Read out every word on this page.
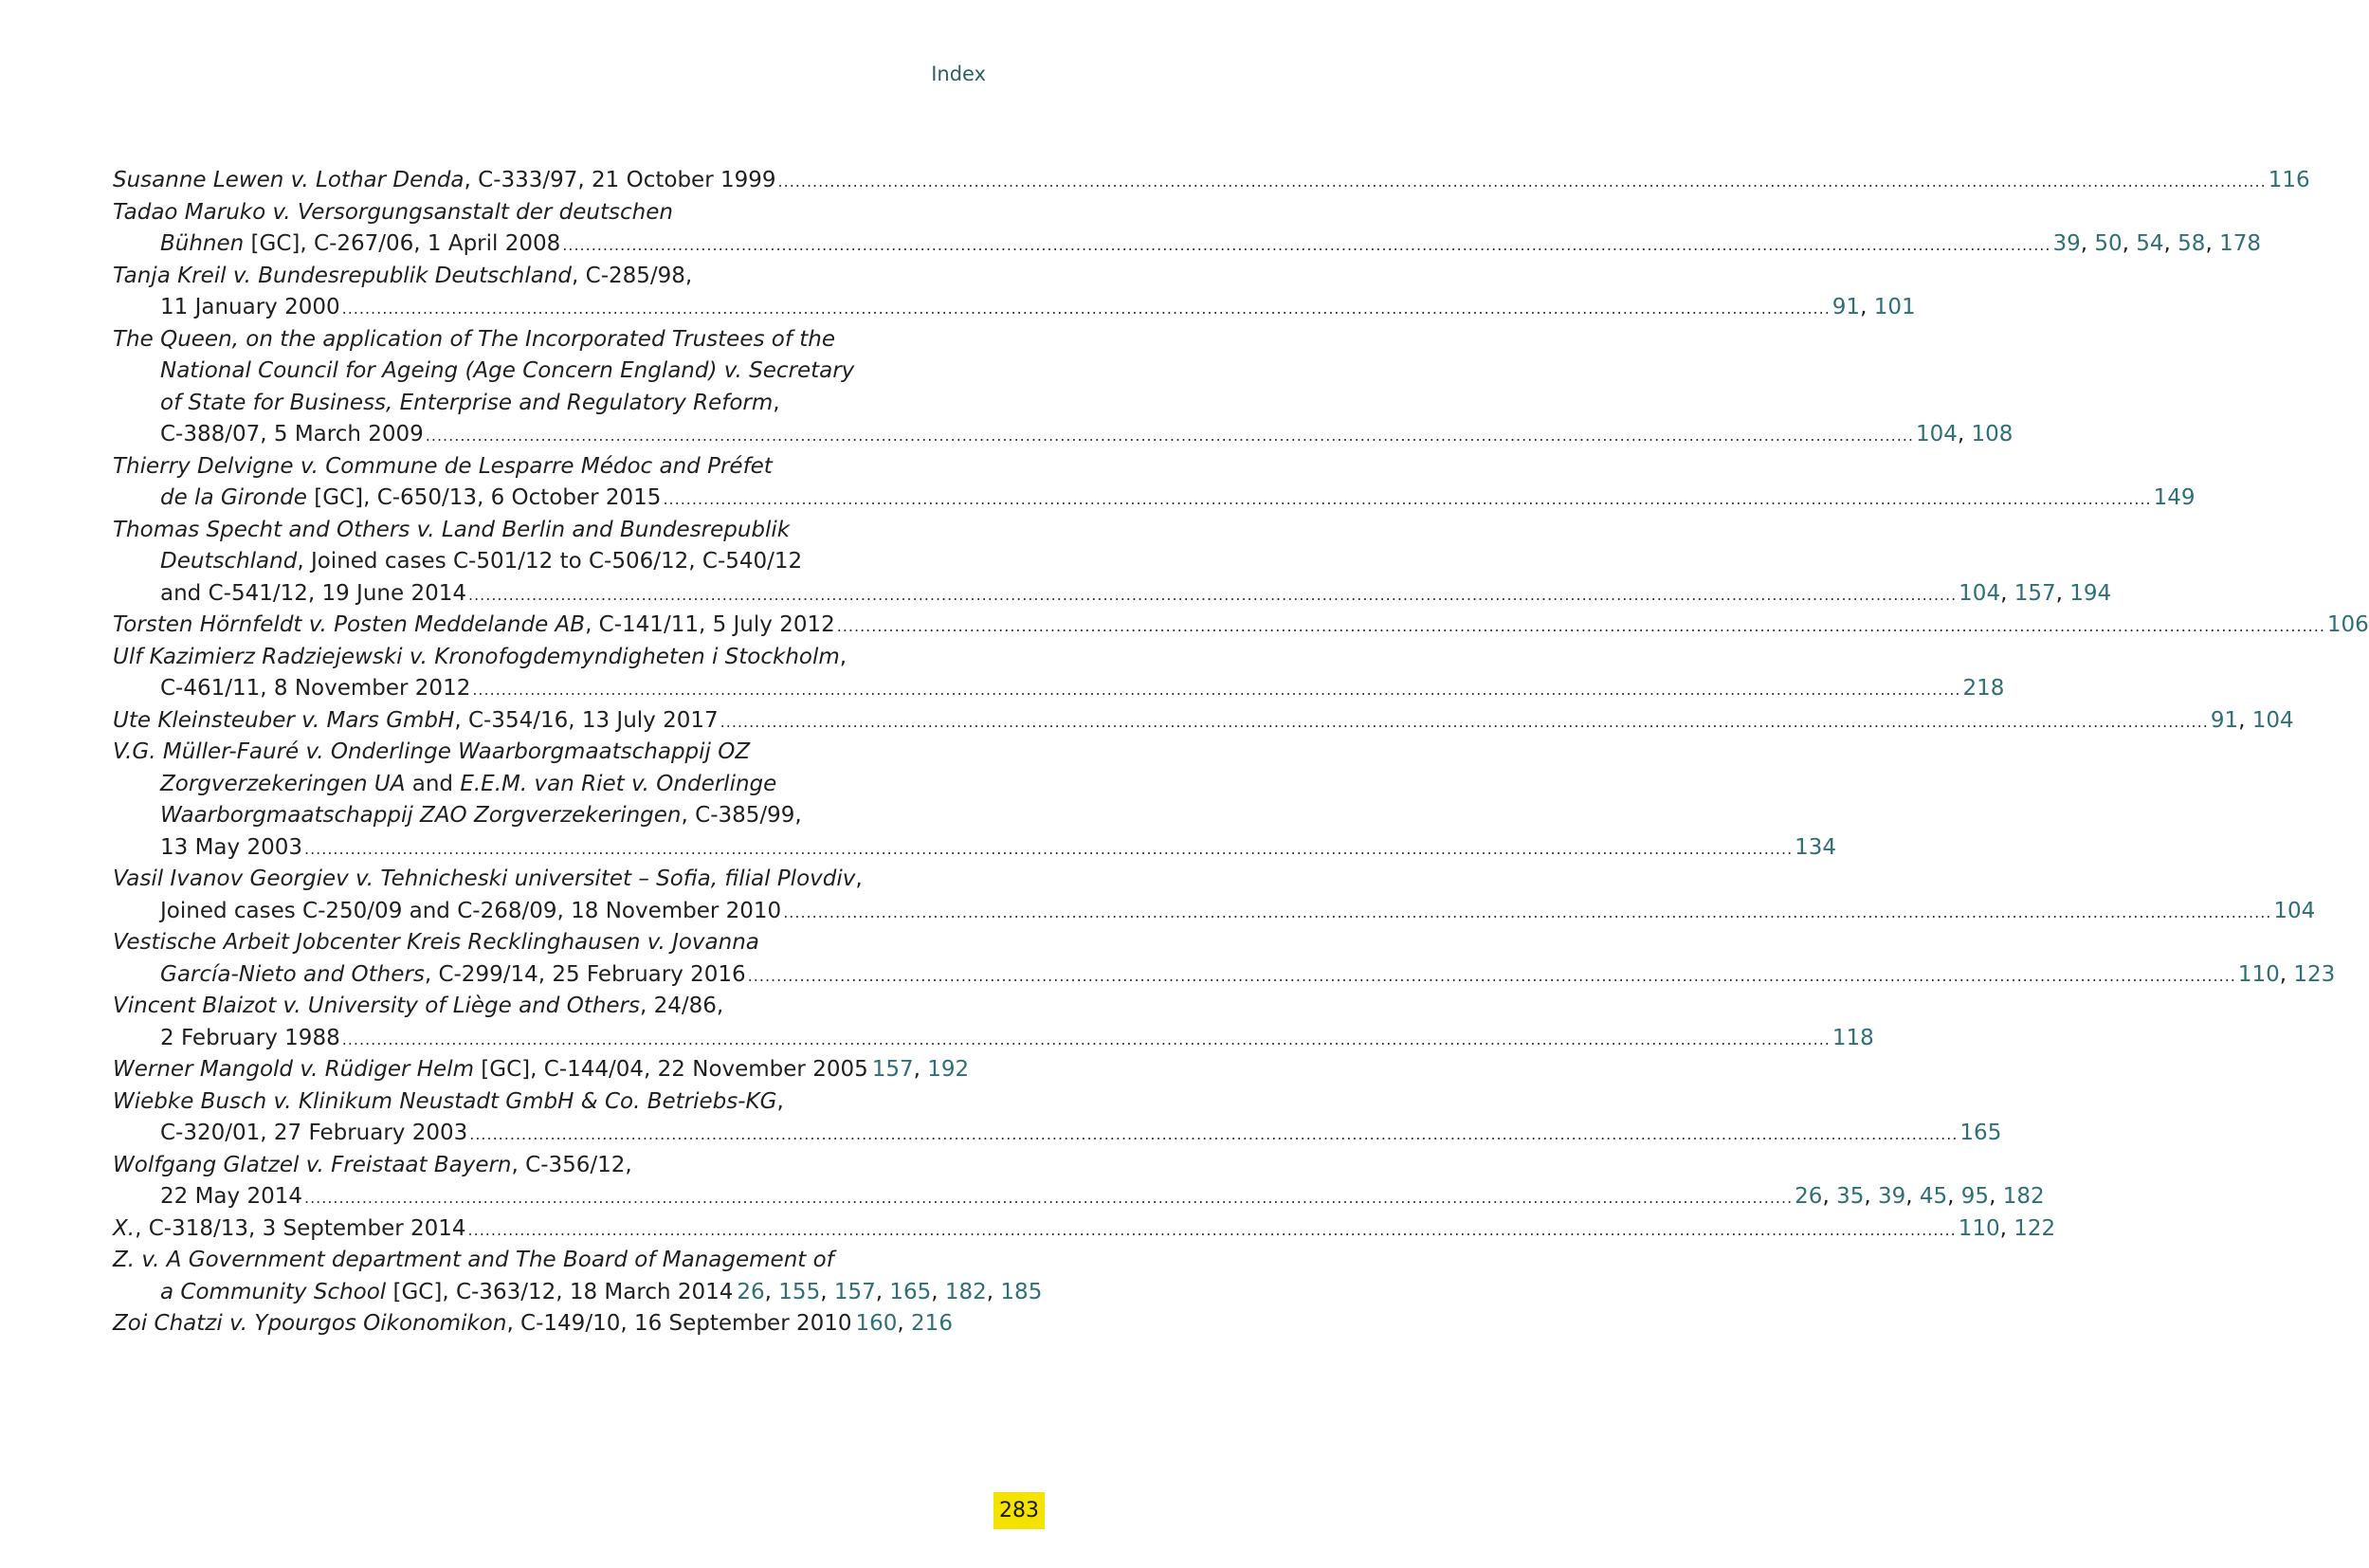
Index
Susanne Lewen v. Lothar Denda, C-333/97, 21 October 1999 .....	116
Tadao Maruko v. Versorgungsanstalt der deutschen
Bühnen [GC], C-267/06, 1 April 2008 .....	39, 50, 54, 58, 178
Tanja Kreil v. Bundesrepublik Deutschland, C-285/98,
11 January 2000 .....	91, 101
The Queen, on the application of The Incorporated Trustees of the
National Council for Ageing (Age Concern England) v. Secretary
of State for Business, Enterprise and Regulatory Reform,
C-388/07, 5 March 2009 .....	104, 108
Thierry Delvigne v. Commune de Lesparre Médoc and Préfet
de la Gironde [GC], C-650/13, 6 October 2015 .....	149
Thomas Specht and Others v. Land Berlin and Bundesrepublik
Deutschland, Joined cases C-501/12 to C-506/12, C-540/12
and C-541/12, 19 June 2014 .....	104, 157, 194
Torsten Hörnfeldt v. Posten Meddelande AB, C-141/11, 5 July 2012 .....	106
Ulf Kazimierz Radziejewski v. Kronofogdemyndigheten i Stockholm,
C-461/11, 8 November 2012 .....	218
Ute Kleinsteuber v. Mars GmbH, C-354/16, 13 July 2017 .....	91, 104
V.G. Müller-Fauré v. Onderlinge Waarborgmaatschappij OZ
Zorgverzekeringen UA and E.E.M. van Riet v. Onderlinge
Waarborgmaatschappij ZAO Zorgverzekeringen, C-385/99,
13 May 2003 .....	134
Vasil Ivanov Georgiev v. Tehnicheski universitet – Sofia, filial Plovdiv,
Joined cases C-250/09 and C-268/09, 18 November 2010 .....	104
Vestische Arbeit Jobcenter Kreis Recklinghausen v. Jovanna
García-Nieto and Others, C-299/14, 25 February 2016 .....	110, 123
Vincent Blaizot v. University of Liège and Others, 24/86,
2 February 1988 .....	118
Werner Mangold v. Rüdiger Helm [GC], C-144/04, 22 November 2005 157, 192
Wiebke Busch v. Klinikum Neustadt GmbH & Co. Betriebs-KG,
C-320/01, 27 February 2003 .....	165
Wolfgang Glatzel v. Freistaat Bayern, C-356/12,
22 May 2014 .....	26, 35, 39, 45, 95, 182
X., C-318/13, 3 September 2014 .....	110, 122
Z. v. A Government department and The Board of Management of
a Community School [GC], C-363/12, 18 March 2014 26, 155, 157, 165, 182, 185
Zoi Chatzi v. Ypourgos Oikonomikon, C-149/10, 16 September 2010 160, 216
283
